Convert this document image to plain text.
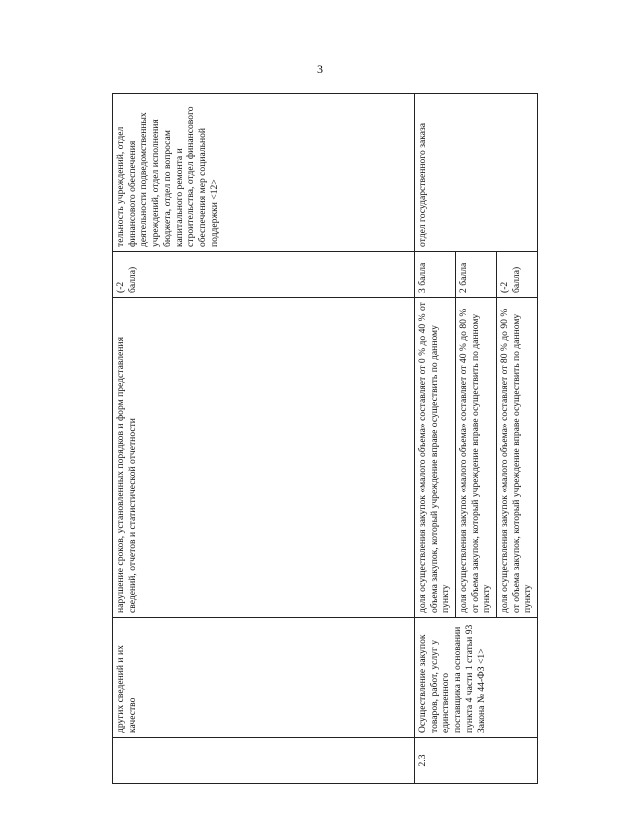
3
	других сведений и их качество	нарушение сроков, установленных порядков и форм представления сведений, отчетов и статистической отчетности	(-2 балла)	тельность учреждений, отдел финансового обеспечения деятельности подведомственных учреждений, отдел исполнения бюджета, отдел по вопросам капитального ремонта и строительства, отдел финансового обеспечения мер социальной поддержки <12>
2.3	Осуществление закупок товаров, работ, услуг у единственного поставщика на основании пункта 4 части 1 статьи 93 Закона № 44-ФЗ <1>	доля осуществления закупок «малого объема» составляет от 0 % до 40 % от объема закупок, который учреждение вправе осуществить по данному пункту	3 балла	отдел государственного заказа
		доля осуществления закупок «малого объема» составляет от 40 % до 80 % от объема закупок, который учреждение вправе осуществить по данному пункту	2 балла	
		доля осуществления закупок «малого объема» составляет от 80 % до 90 % от объема закупок, который учреждение вправе осуществить по данному пункту	(-2 балла)	
